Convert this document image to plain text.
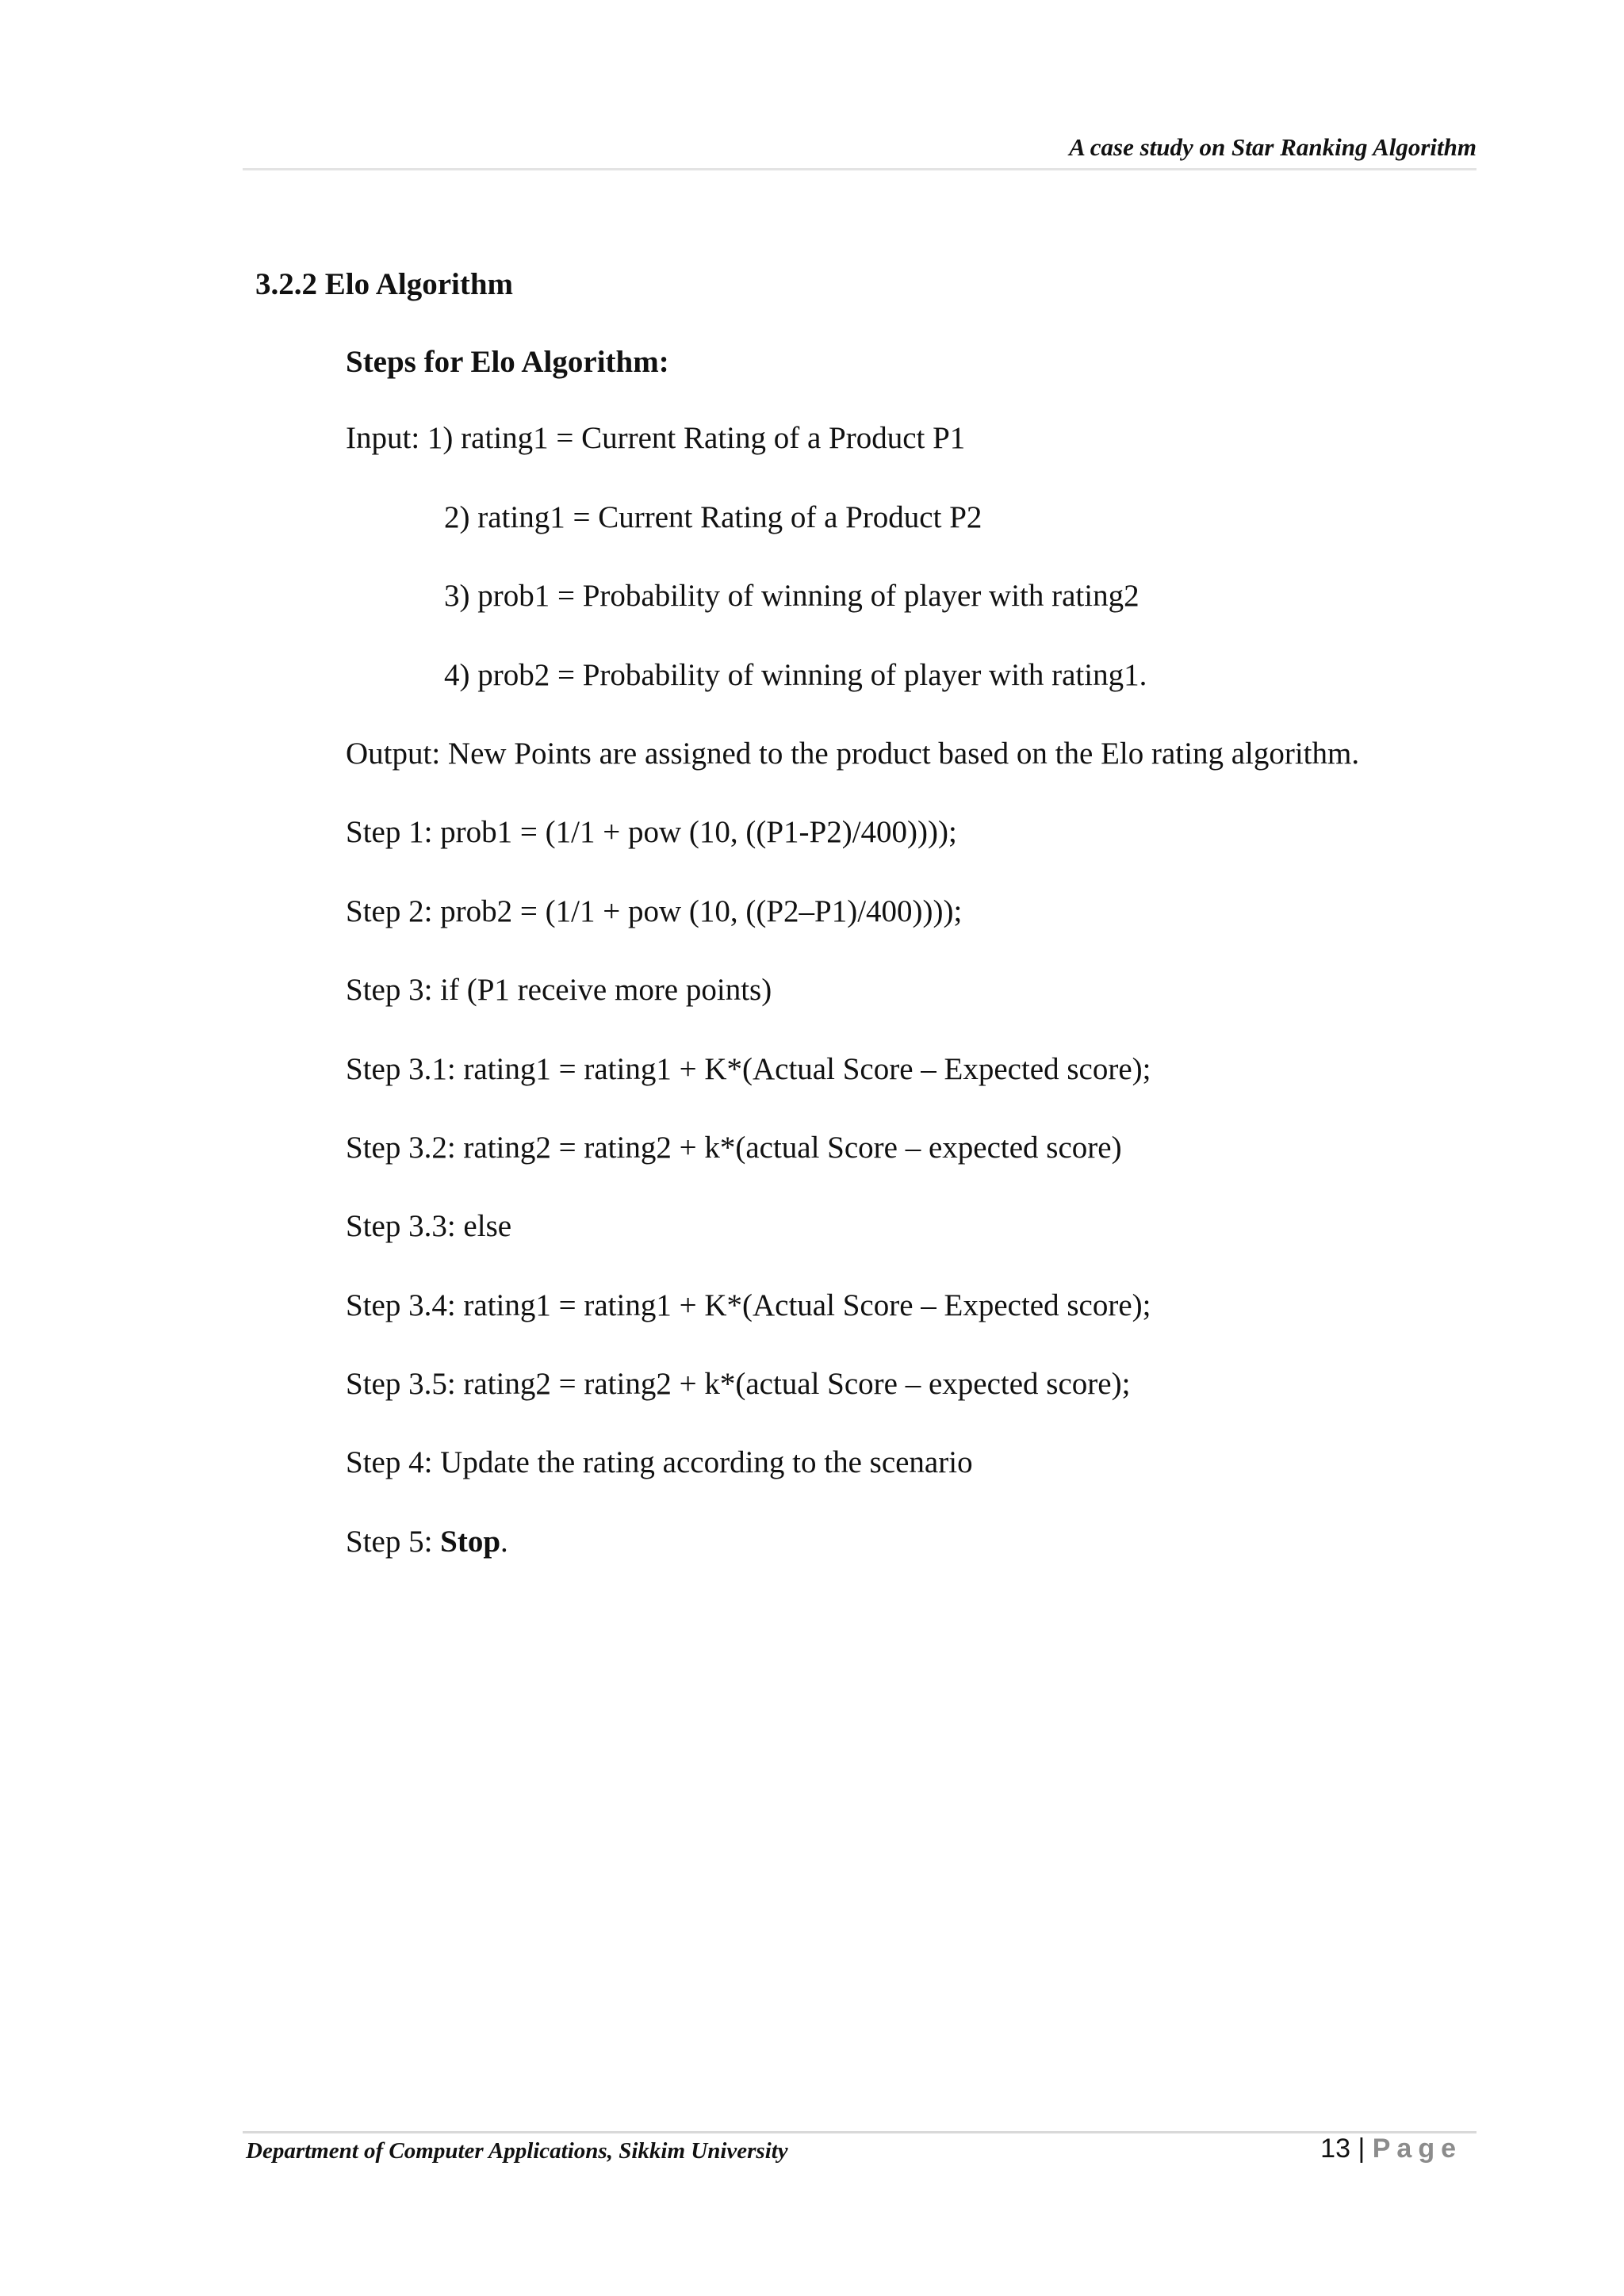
A case study on Star Ranking Algorithm
3.2.2 Elo Algorithm
Steps for Elo Algorithm:
Input: 1) rating1 = Current Rating of a Product P1
2) rating1 = Current Rating of a Product P2
3) prob1 = Probability of winning of player with rating2
4) prob2 = Probability of winning of player with rating1.
Output: New Points are assigned to the product based on the Elo rating algorithm.
Step 1: prob1 = (1/1 + pow (10, ((P1-P2)/400))));
Step 2: prob2 = (1/1 + pow (10, ((P2–P1)/400))));
Step 3: if (P1 receive more points)
Step 3.1: rating1 = rating1 + K*(Actual Score – Expected score);
Step 3.2: rating2 = rating2 + k*(actual Score – expected score)
Step 3.3: else
Step 3.4: rating1 = rating1 + K*(Actual Score – Expected score);
Step 3.5: rating2 = rating2 + k*(actual Score – expected score);
Step 4: Update the rating according to the scenario
Step 5: Stop.
Department of Computer Applications, Sikkim University	13 | Page
